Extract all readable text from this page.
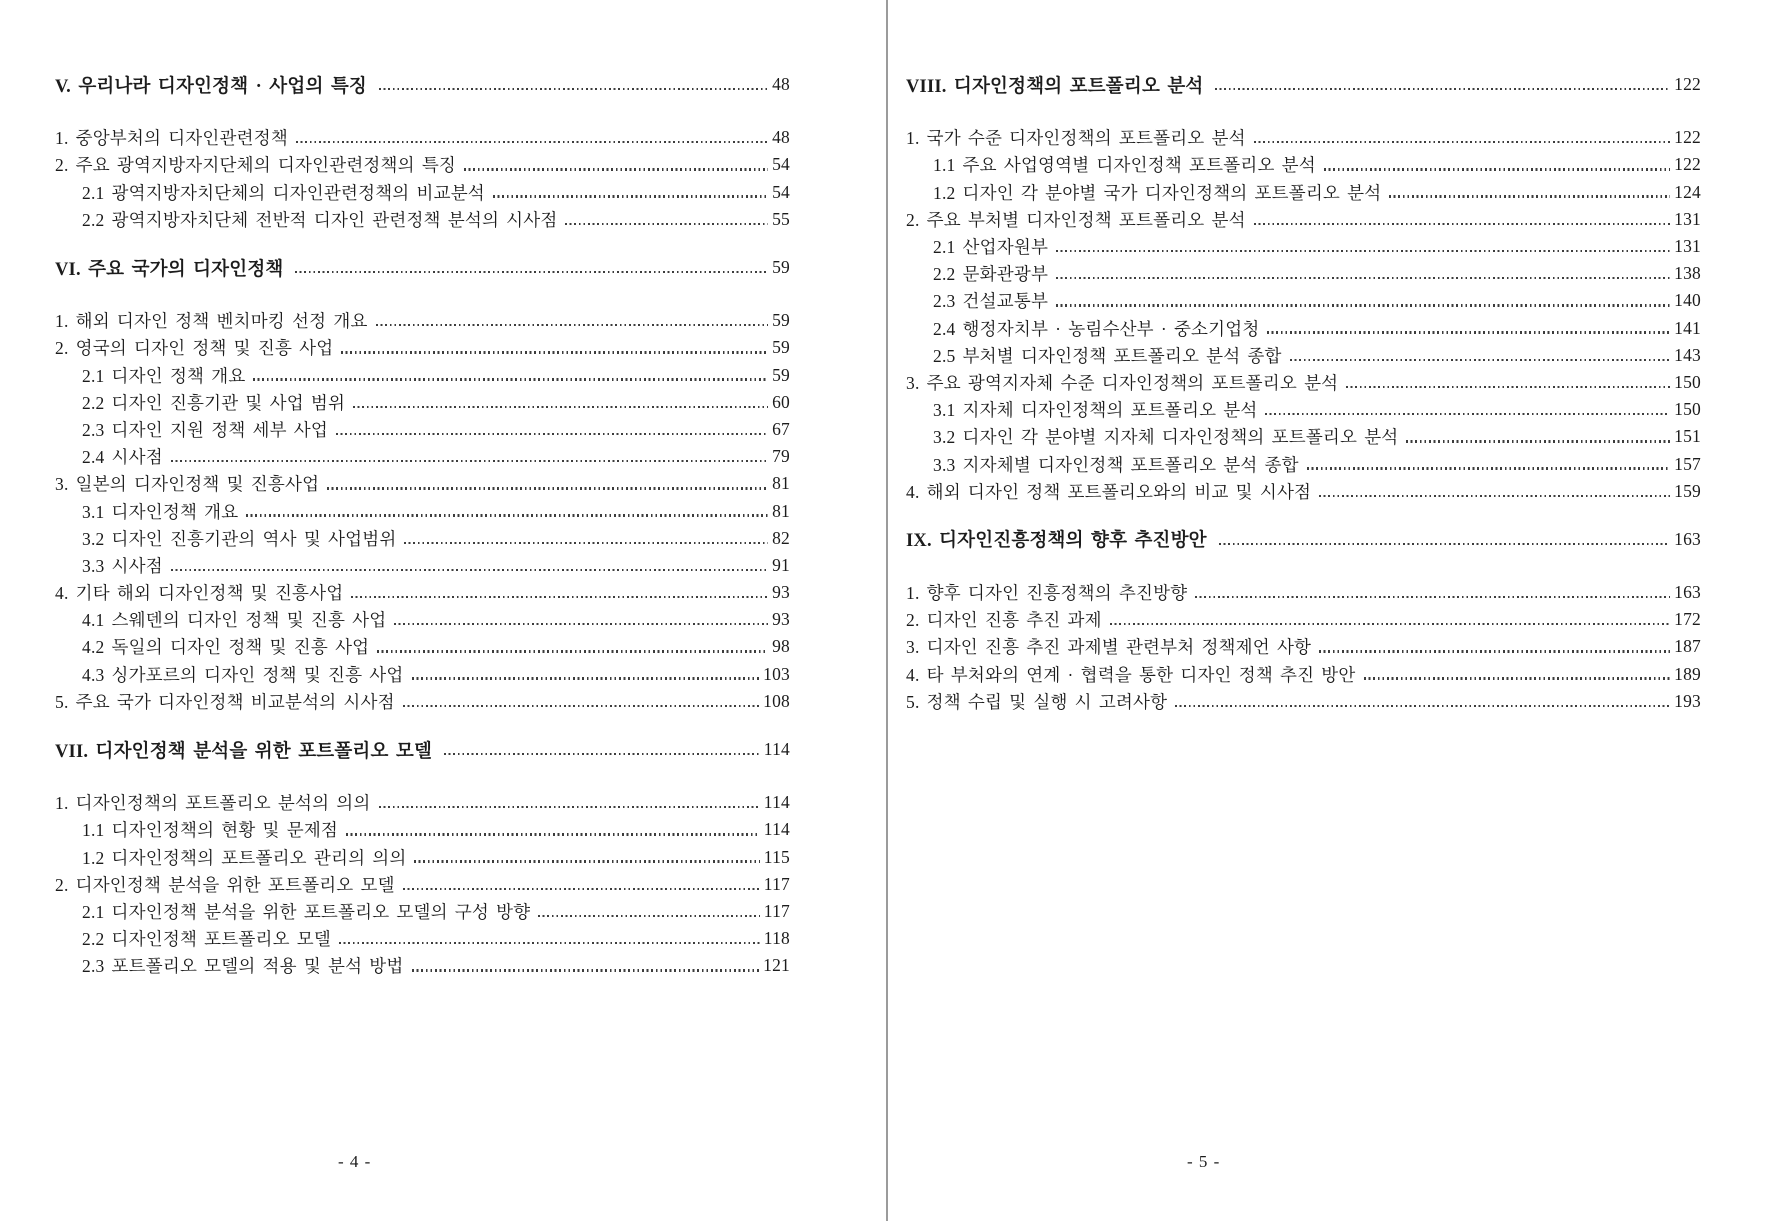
V. 우리나라 디자인정책 · 사업의 특징	48
1. 중앙부처의 디자인관련정책	48
2. 주요 광역지방자지단체의 디자인관련정책의 특징	54
2.1 광역지방자치단체의 디자인관련정책의 비교분석	54
2.2 광역지방자치단체 전반적 디자인 관련정책 분석의 시사점	55
VI. 주요 국가의 디자인정책	59
1. 해외 디자인 정책 벤치마킹 선정 개요	59
2. 영국의 디자인 정책 및 진흥 사업	59
2.1 디자인 정책 개요	59
2.2 디자인 진흥기관 및 사업 범위	60
2.3 디자인 지원 정책 세부 사업	67
2.4 시사점	79
3. 일본의 디자인정책 및 진흥사업	81
3.1 디자인정책 개요	81
3.2 디자인 진흥기관의 역사 및 사업범위	82
3.3 시사점	91
4. 기타 해외 디자인정책 및 진흥사업	93
4.1 스웨덴의 디자인 정책 및 진흥 사업	93
4.2 독일의 디자인 정책 및 진흥 사업	98
4.3 싱가포르의 디자인 정책 및 진흥 사업	103
5. 주요 국가 디자인정책 비교분석의 시사점	108
VII. 디자인정책 분석을 위한 포트폴리오 모델	114
1. 디자인정책의 포트폴리오 분석의 의의	114
1.1 디자인정책의 현황 및 문제점	114
1.2 디자인정책의 포트폴리오 관리의 의의	115
2. 디자인정책 분석을 위한 포트폴리오 모델	117
2.1 디자인정책 분석을 위한 포트폴리오 모델의 구성 방향	117
2.2 디자인정책 포트폴리오 모델	118
2.3 포트폴리오 모델의 적용 및 분석 방법	121
- 4 -
VIII. 디자인정책의 포트폴리오 분석	122
1. 국가 수준 디자인정책의 포트폴리오 분석	122
1.1 주요 사업영역별 디자인정책 포트폴리오 분석	122
1.2 디자인 각 분야별 국가 디자인정책의 포트폴리오 분석	124
2. 주요 부처별 디자인정책 포트폴리오 분석	131
2.1 산업자원부	131
2.2 문화관광부	138
2.3 건설교통부	140
2.4 행정자치부 · 농림수산부 · 중소기업청	141
2.5 부처별 디자인정책 포트폴리오 분석 종합	143
3. 주요 광역지자체 수준 디자인정책의 포트폴리오 분석	150
3.1 지자체 디자인정책의 포트폴리오 분석	150
3.2 디자인 각 분야별 지자체 디자인정책의 포트폴리오 분석	151
3.3 지자체별 디자인정책 포트폴리오 분석 종합	157
4. 해외 디자인 정책 포트폴리오와의 비교 및 시사점	159
IX. 디자인진흥정책의 향후 추진방안	163
1. 향후 디자인 진흥정책의 추진방향	163
2. 디자인 진흥 추진 과제	172
3. 디자인 진흥 추진 과제별 관련부처 정책제언 사항	187
4. 타 부처와의 연계 · 협력을 통한 디자인 정책 추진 방안	189
5. 정책 수립 및 실행 시 고려사항	193
- 5 -
